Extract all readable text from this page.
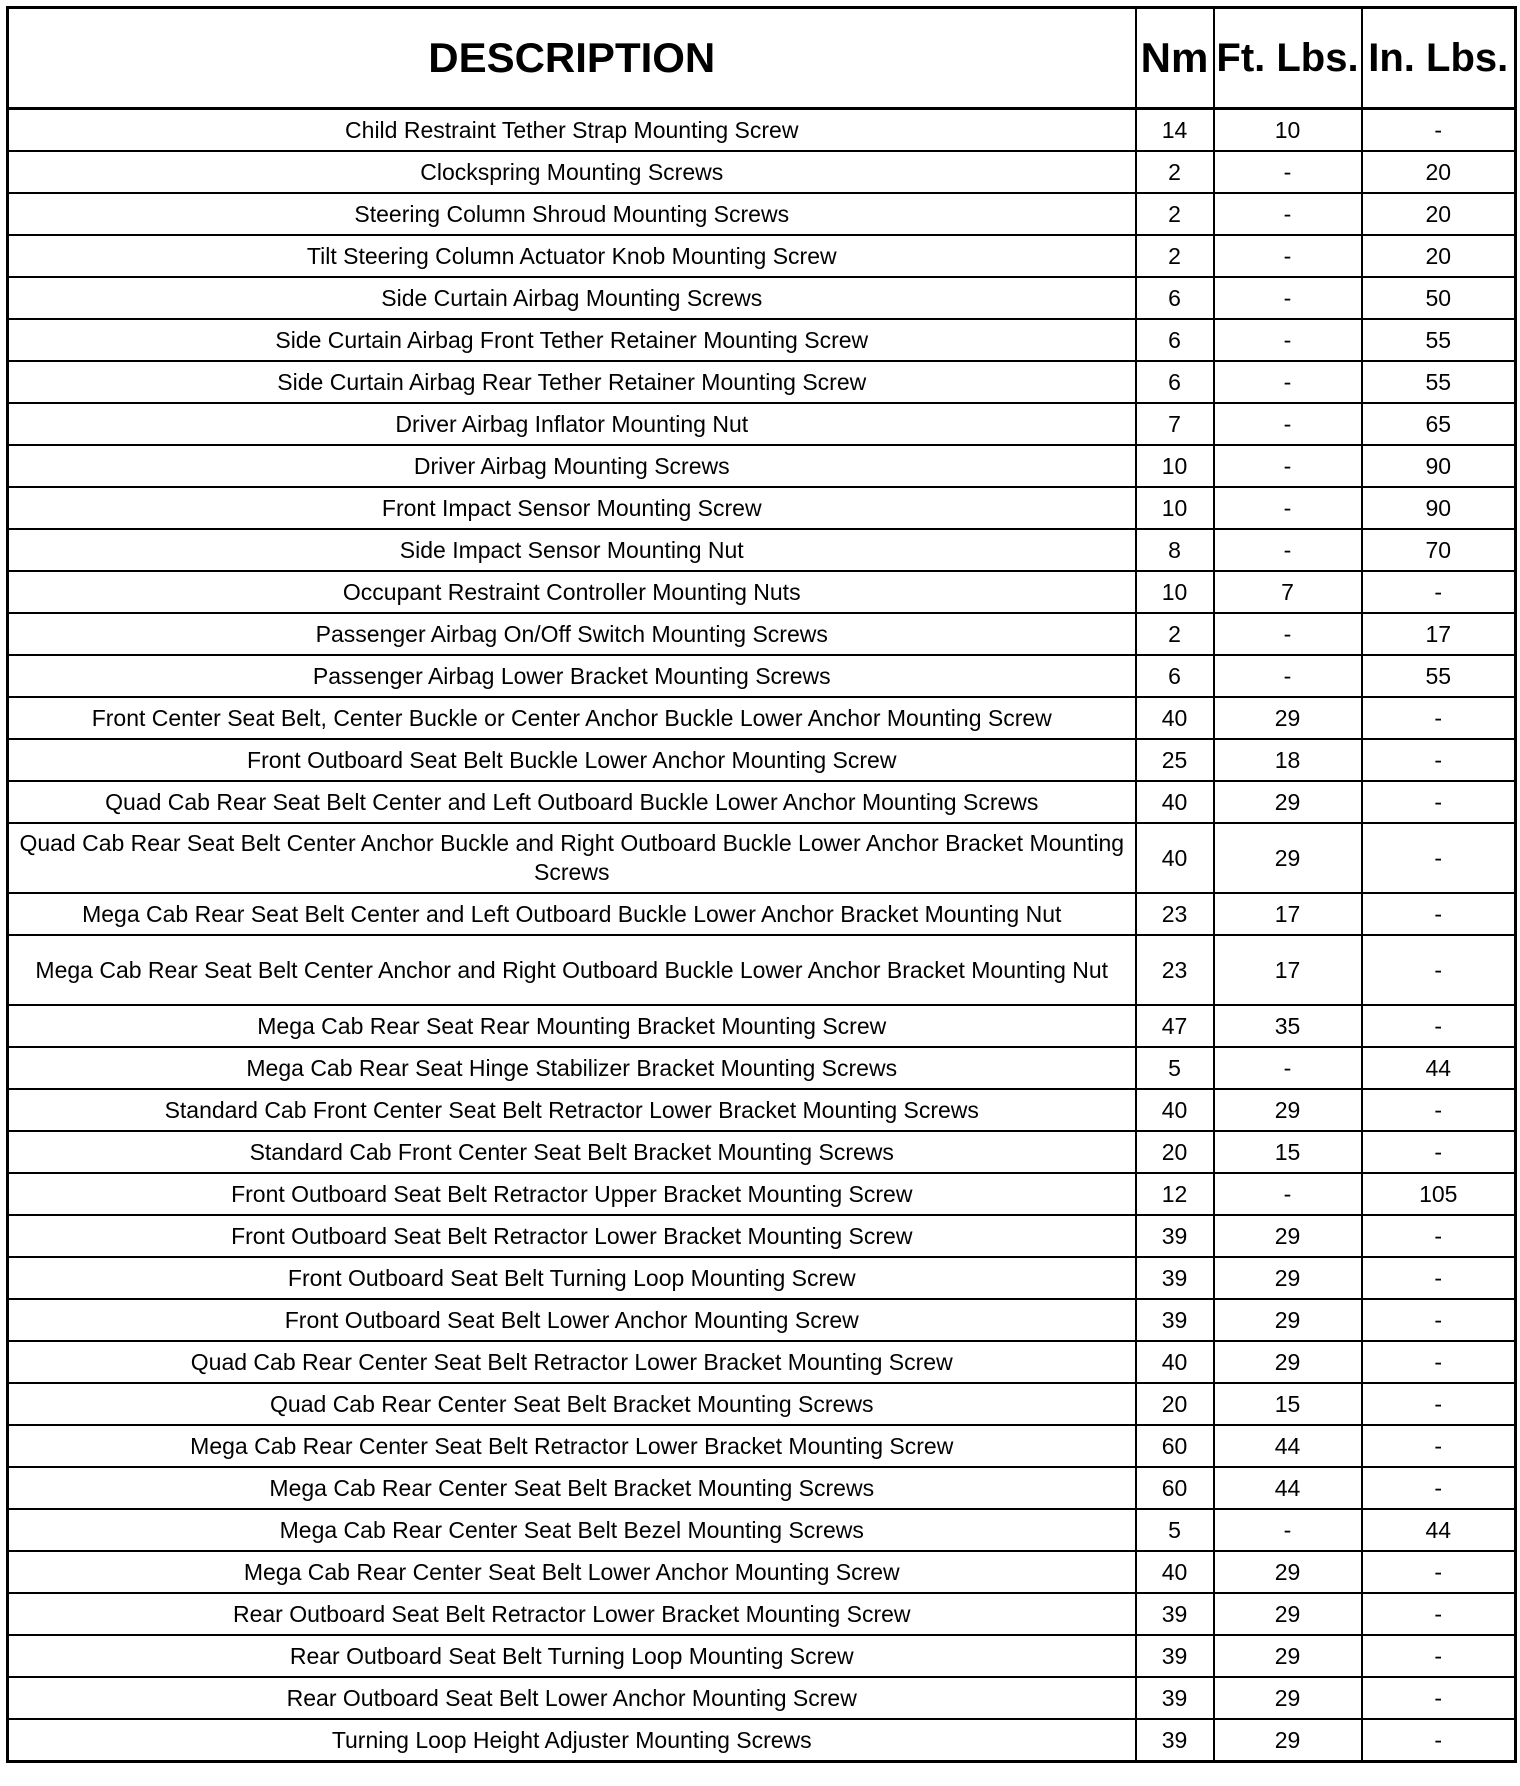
DESCRIPTION	Nm	Ft. Lbs.	In. Lbs.
Child Restraint Tether Strap Mounting Screw	14	10	-
Clockspring Mounting Screws	2	-	20
Steering Column Shroud Mounting Screws	2	-	20
Tilt Steering Column Actuator Knob Mounting Screw	2	-	20
Side Curtain Airbag Mounting Screws	6	-	50
Side Curtain Airbag Front Tether Retainer Mounting Screw	6	-	55
Side Curtain Airbag Rear Tether Retainer Mounting Screw	6	-	55
Driver Airbag Inflator Mounting Nut	7	-	65
Driver Airbag Mounting Screws	10	-	90
Front Impact Sensor Mounting Screw	10	-	90
Side Impact Sensor Mounting Nut	8	-	70
Occupant Restraint Controller Mounting Nuts	10	7	-
Passenger Airbag On/Off Switch Mounting Screws	2	-	17
Passenger Airbag Lower Bracket Mounting Screws	6	-	55
Front Center Seat Belt, Center Buckle or Center Anchor Buckle Lower Anchor Mounting Screw	40	29	-
Front Outboard Seat Belt Buckle Lower Anchor Mounting Screw	25	18	-
Quad Cab Rear Seat Belt Center and Left Outboard Buckle Lower Anchor Mounting Screws	40	29	-
Quad Cab Rear Seat Belt Center Anchor Buckle and Right Outboard Buckle Lower Anchor Bracket Mounting Screws	40	29	-
Mega Cab Rear Seat Belt Center and Left Outboard Buckle Lower Anchor Bracket Mounting Nut	23	17	-
Mega Cab Rear Seat Belt Center Anchor and Right Outboard Buckle Lower Anchor Bracket Mounting Nut	23	17	-
Mega Cab Rear Seat Rear Mounting Bracket Mounting Screw	47	35	-
Mega Cab Rear Seat Hinge Stabilizer Bracket Mounting Screws	5	-	44
Standard Cab Front Center Seat Belt Retractor Lower Bracket Mounting Screws	40	29	-
Standard Cab Front Center Seat Belt Bracket Mounting Screws	20	15	-
Front Outboard Seat Belt Retractor Upper Bracket Mounting Screw	12	-	105
Front Outboard Seat Belt Retractor Lower Bracket Mounting Screw	39	29	-
Front Outboard Seat Belt Turning Loop Mounting Screw	39	29	-
Front Outboard Seat Belt Lower Anchor Mounting Screw	39	29	-
Quad Cab Rear Center Seat Belt Retractor Lower Bracket Mounting Screw	40	29	-
Quad Cab Rear Center Seat Belt Bracket Mounting Screws	20	15	-
Mega Cab Rear Center Seat Belt Retractor Lower Bracket Mounting Screw	60	44	-
Mega Cab Rear Center Seat Belt Bracket Mounting Screws	60	44	-
Mega Cab Rear Center Seat Belt Bezel Mounting Screws	5	-	44
Mega Cab Rear Center Seat Belt Lower Anchor Mounting Screw	40	29	-
Rear Outboard Seat Belt Retractor Lower Bracket Mounting Screw	39	29	-
Rear Outboard Seat Belt Turning Loop Mounting Screw	39	29	-
Rear Outboard Seat Belt Lower Anchor Mounting Screw	39	29	-
Turning Loop Height Adjuster Mounting Screws	39	29	-
